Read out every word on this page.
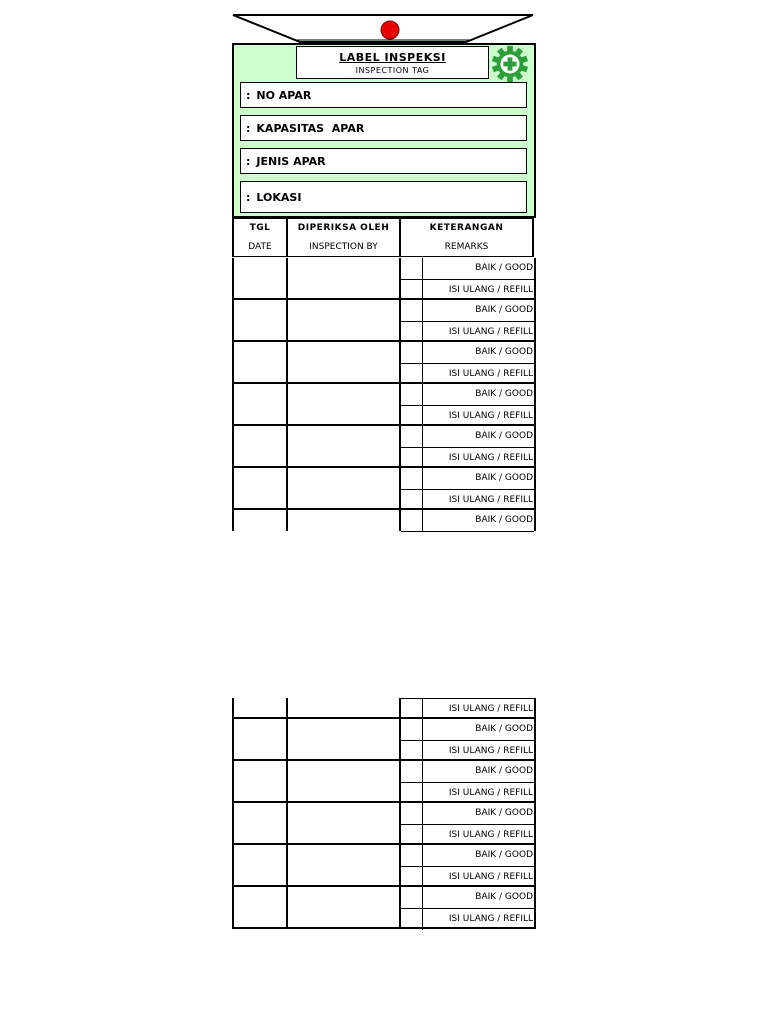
LABEL INSPEKSI
INSPECTION TAG
: NO APAR
: KAPASITAS  APAR
: JENIS APAR
: LOKASI
TGL
DATE
DIPERIKSA OLEH
INSPECTION BY
KETERANGAN
REMARKS
BAIK / GOOD
ISI ULANG / REFILL
BAIK / GOOD
ISI ULANG / REFILL
BAIK / GOOD
ISI ULANG / REFILL
BAIK / GOOD
ISI ULANG / REFILL
BAIK / GOOD
ISI ULANG / REFILL
BAIK / GOOD
ISI ULANG / REFILL
BAIK / GOOD
ISI ULANG / REFILL
BAIK / GOOD
ISI ULANG / REFILL
BAIK / GOOD
ISI ULANG / REFILL
BAIK / GOOD
ISI ULANG / REFILL
BAIK / GOOD
ISI ULANG / REFILL
BAIK / GOOD
ISI ULANG / REFILL
